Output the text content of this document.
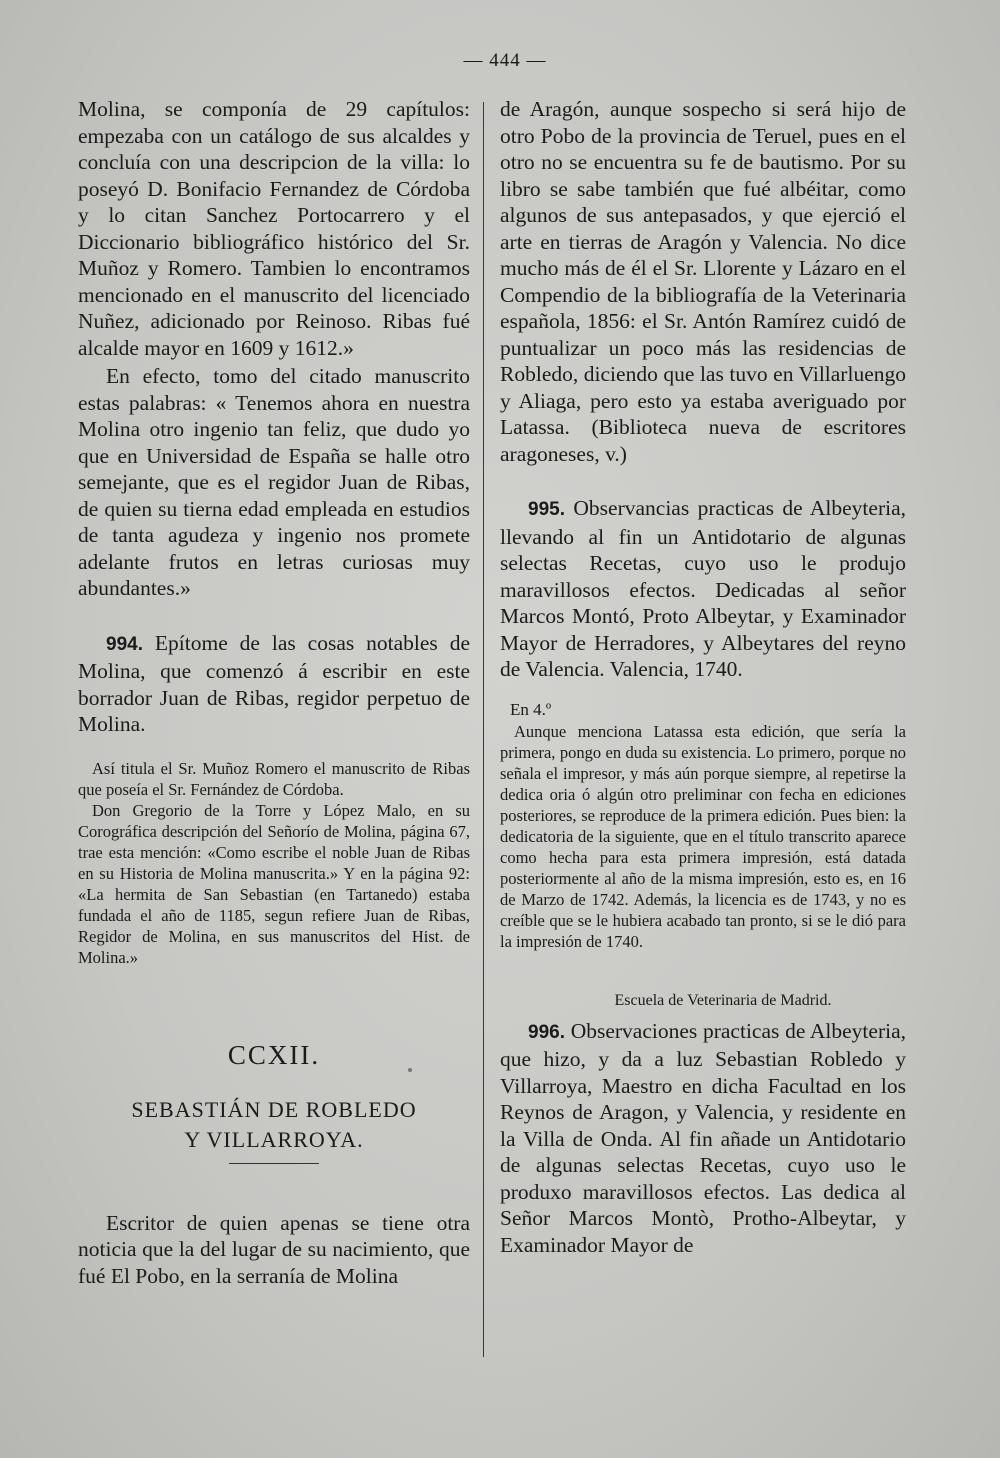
— 444 —

Molina, se componía de 29 capítulos: empezaba con un catálogo de sus alcaldes y concluía con una descripcion de la villa: lo poseyó D. Bonifacio Fernandez de Córdoba y lo citan Sanchez Portocarrero y el Diccionario bibliográfico histórico del Sr. Muñoz y Romero. Tambien lo encontramos mencionado en el manuscrito del licenciado Nuñez, adicionado por Reinoso. Ribas fué alcalde mayor en 1609 y 1612.»

En efecto, tomo del citado manuscrito estas palabras: « Tenemos ahora en nuestra Molina otro ingenio tan feliz, que dudo yo que en Universidad de España se halle otro semejante, que es el regidor Juan de Ribas, de quien su tierna edad empleada en estudios de tanta agudeza y ingenio nos promete adelante frutos en letras curiosas muy abundantes.»

994. Epítome de las cosas notables de Molina, que comenzó á escribir en este borrador Juan de Ribas, regidor perpetuo de Molina.

Así titula el Sr. Muñoz Romero el manuscrito de Ribas que poseía el Sr. Fernández de Córdoba.

Don Gregorio de la Torre y López Malo, en su Corográfica descripción del Señorío de Molina, página 67, trae esta mención: «Como escribe el noble Juan de Ribas en su Historia de Molina manuscrita.» Y en la página 92: «La hermita de San Sebastian (en Tartanedo) estaba fundada el año de 1185, segun refiere Juan de Ribas, Regidor de Molina, en sus manuscritos del Hist. de Molina.»

CCXII.
SEBASTIÁN DE ROBLEDO
Y VILLARROYA.

Escritor de quien apenas se tiene otra noticia que la del lugar de su nacimiento, que fué El Pobo, en la serranía de Molina

de Aragón, aunque sospecho si será hijo de otro Pobo de la provincia de Teruel, pues en el otro no se encuentra su fe de bautismo. Por su libro se sabe también que fué albéitar, como algunos de sus antepasados, y que ejerció el arte en tierras de Aragón y Valencia. No dice mucho más de él el Sr. Llorente y Lázaro en el Compendio de la bibliografía de la Veterinaria española, 1856: el Sr. Antón Ramírez cuidó de puntualizar un poco más las residencias de Robledo, diciendo que las tuvo en Villarluengo y Aliaga, pero esto ya estaba averiguado por Latassa. (Biblioteca nueva de escritores aragoneses, v.)

995. Observancias practicas de Albeyteria, llevando al fin un Antidotario de algunas selectas Recetas, cuyo uso le produjo maravillosos efectos. Dedicadas al señor Marcos Montó, Proto Albeytar, y Examinador Mayor de Herradores, y Albeytares del reyno de Valencia. Valencia, 1740.

En 4.º

Aunque menciona Latassa esta edición, que sería la primera, pongo en duda su existencia. Lo primero, porque no señala el impresor, y más aún porque siempre, al repetirse la dedica oria ó algún otro preliminar con fecha en ediciones posteriores, se reproduce de la primera edición. Pues bien: la dedicatoria de la siguiente, que en el título transcrito aparece como hecha para esta primera impresión, está datada posteriormente al año de la misma impresión, esto es, en 16 de Marzo de 1742. Además, la licencia es de 1743, y no es creíble que se le hubiera acabado tan pronto, si se le dió para la impresión de 1740.

Escuela de Veterinaria de Madrid.

996. Observaciones practicas de Albeyteria, que hizo, y da a luz Sebastian Robledo y Villarroya, Maestro en dicha Facultad en los Reynos de Aragon, y Valencia, y residente en la Villa de Onda. Al fin añade un Antidotario de algunas selectas Recetas, cuyo uso le produxo maravillosos efectos. Las dedica al Señor Marcos Montò, Protho-Albeytar, y Examinador Mayor de
